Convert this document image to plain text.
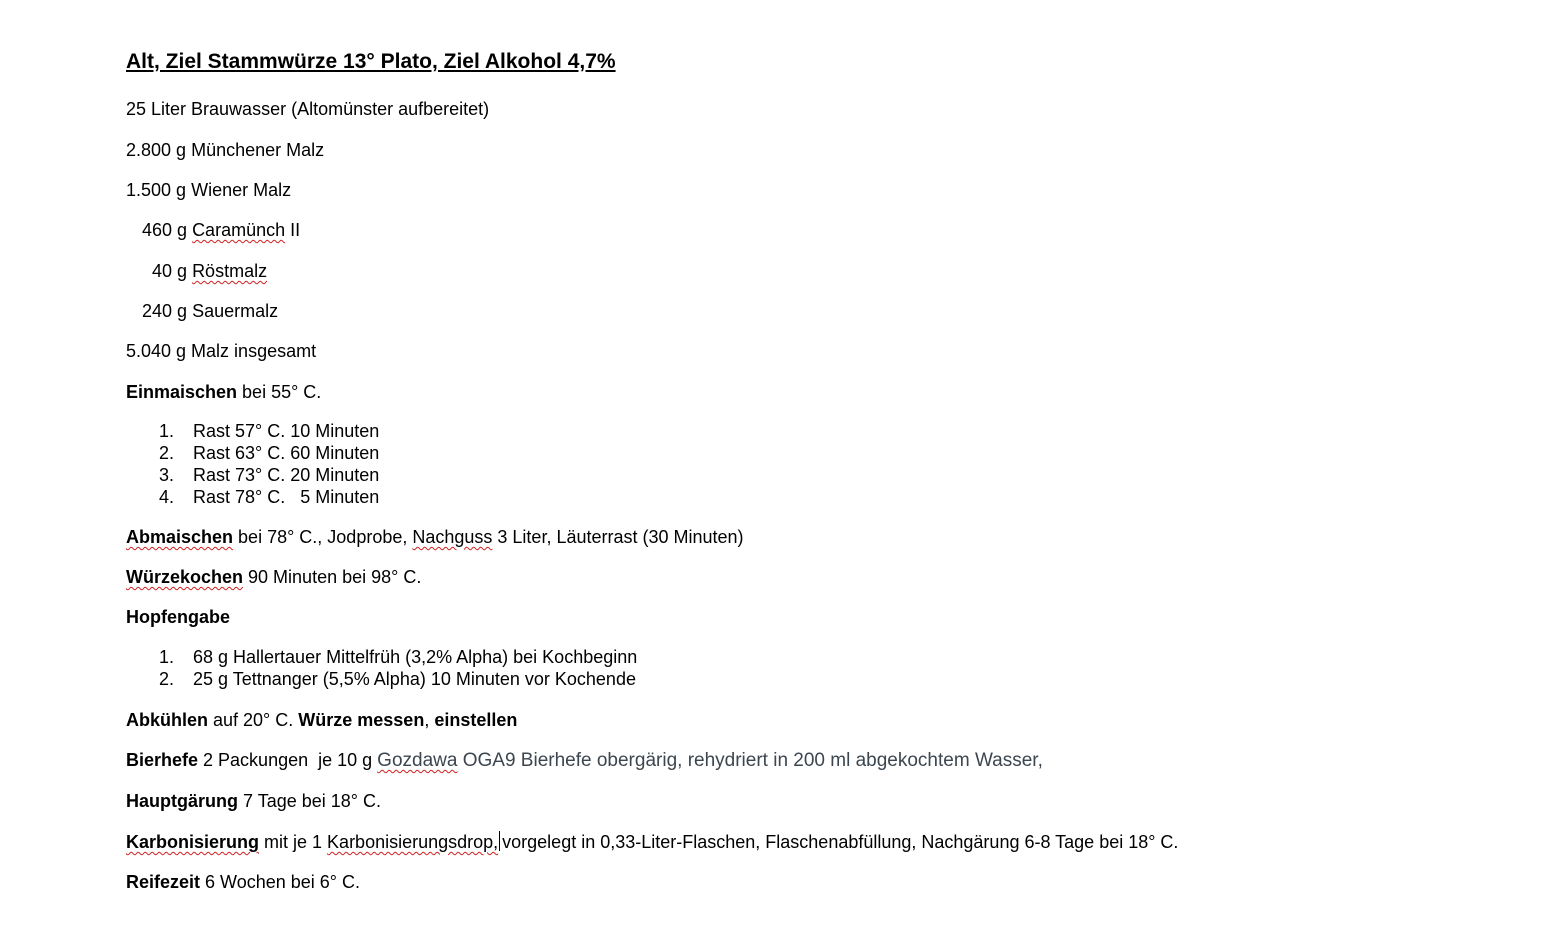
Alt, Ziel Stammwürze 13° Plato, Ziel Alkohol 4,7%
25 Liter Brauwasser (Altomünster aufbereitet)
2.800 g Münchener Malz
1.500 g Wiener Malz
460 g Caramünch II
40 g Röstmalz
240 g Sauermalz
5.040 g Malz insgesamt
Einmaischen bei 55° C.
1. Rast 57° C. 10 Minuten
2. Rast 63° C. 60 Minuten
3. Rast 73° C. 20 Minuten
4. Rast 78° C.   5 Minuten
Abmaischen bei 78° C., Jodprobe, Nachguss 3 Liter, Läuterrast (30 Minuten)
Würzekochen 90 Minuten bei 98° C.
Hopfengabe
1. 68 g Hallertauer Mittelfrüh (3,2% Alpha) bei Kochbeginn
2. 25 g Tettnanger (5,5% Alpha) 10 Minuten vor Kochende
Abkühlen auf 20° C. Würze messen, einstellen
Bierhefe 2 Packungen  je 10 g Gozdawa OGA9 Bierhefe obergärig, rehydriert in 200 ml abgekochtem Wasser,
Hauptgärung 7 Tage bei 18° C.
Karbonisierung mit je 1 Karbonisierungsdrop, vorgelegt in 0,33-Liter-Flaschen, Flaschenabfüllung, Nachgärung 6-8 Tage bei 18° C.
Reifezeit 6 Wochen bei 6° C.
